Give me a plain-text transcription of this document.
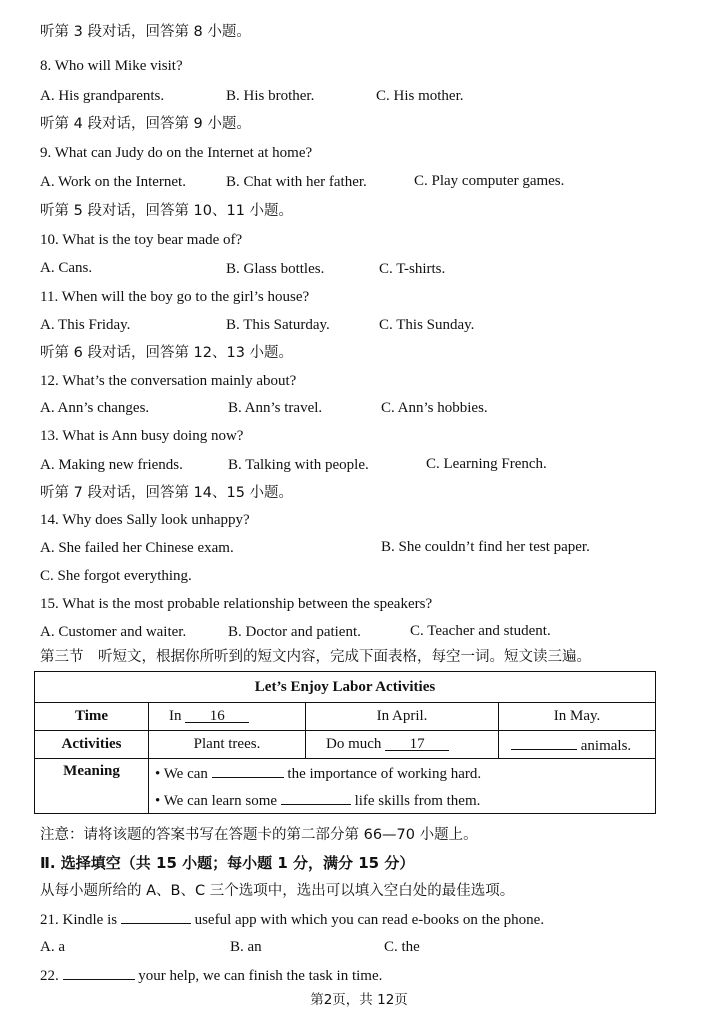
听第 3 段对话，回答第 8 小题。
8. Who will Mike visit?
A. His grandparents.	B. His brother.	C. His mother.
听第 4 段对话，回答第 9 小题。
9. What can Judy do on the Internet at home?
A. Work on the Internet.	B. Chat with her father.	C. Play computer games.
听第 5 段对话，回答第 10、11 小题。
10. What is the toy bear made of?
A. Cans.	B. Glass bottles.	C. T-shirts.
11. When will the boy go to the girl’s house?
A. This Friday.	B. This Saturday.	C. This Sunday.
听第 6 段对话，回答第 12、13 小题。
12. What’s the conversation mainly about?
A. Ann’s changes.	B. Ann’s travel.	C. Ann’s hobbies.
13. What is Ann busy doing now?
A. Making new friends.	B. Talking with people.	C. Learning French.
听第 7 段对话，回答第 14、15 小题。
14. Why does Sally look unhappy?
A. She failed her Chinese exam.	B. She couldn’t find her test paper.
C. She forgot everything.
15. What is the most probable relationship between the speakers?
A. Customer and waiter.	B. Doctor and patient.	C. Teacher and student.
第三节　听短文，根据你所听到的短文内容，完成下面表格，每空一词。短文读三遍。
Let’s Enjoy Labor Activities			
Time	In 16	In April.	In May.
Activities	Plant trees.	Do much 17	animals.
Meaning	• We can the importance of working hard.		
	• We can learn some life skills from them.		
注意：请将该题的答案书写在答题卡的第二部分第 66—70 小题上。
Ⅱ. 选择填空（共 15 小题；每小题 1 分，满分 15 分）
从每小题所给的 A、B、C 三个选项中，选出可以填入空白处的最佳选项。
21. Kindle is	useful app with which you can read e-books on the phone.
A. a	B. an	C. the
22.	your help, we can finish the task in time.
第2页，共 12页
